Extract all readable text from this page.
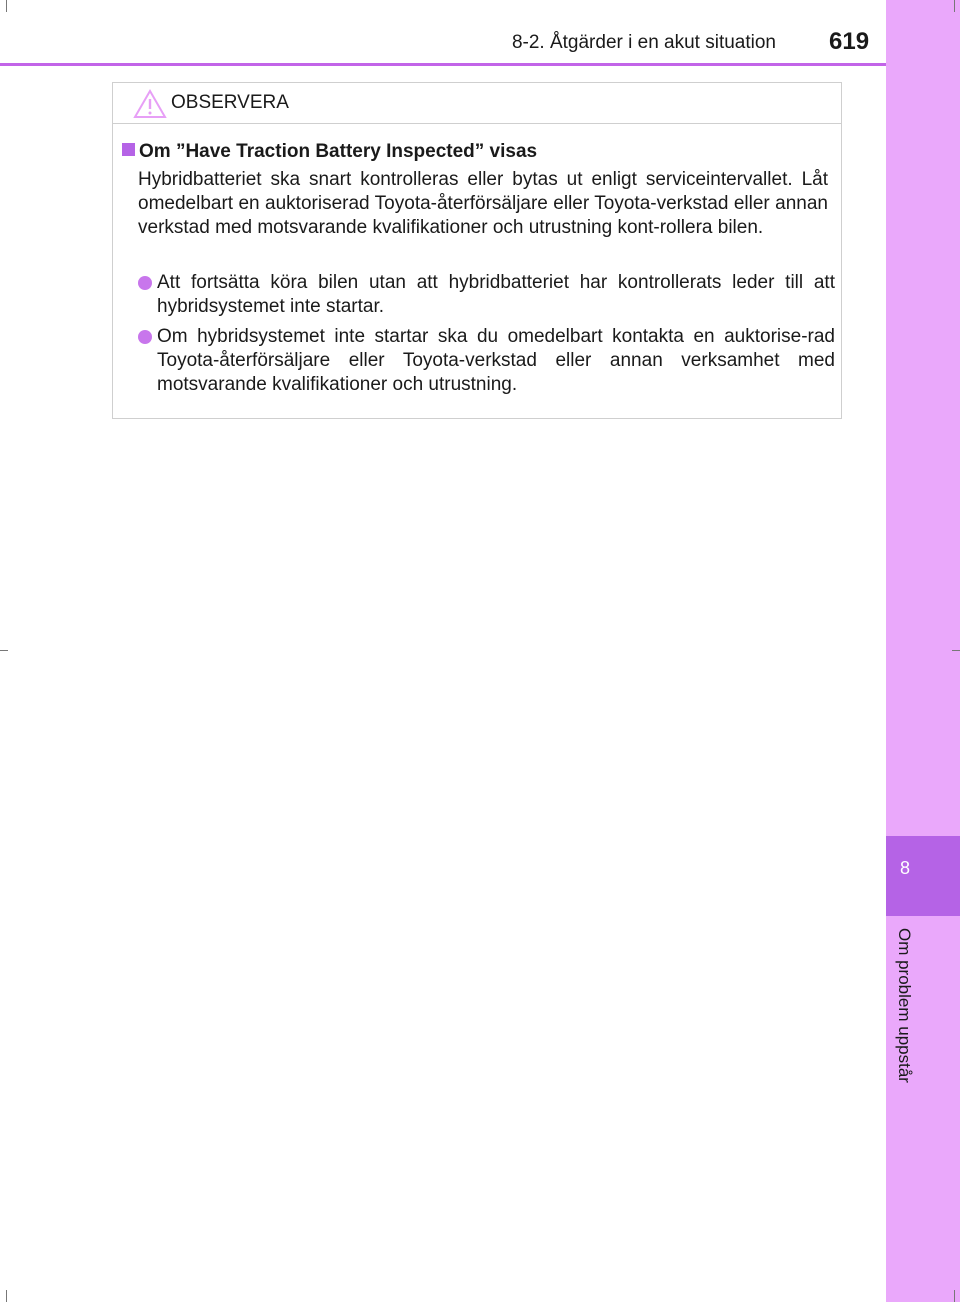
8
Om problem uppstår
8-2. Åtgärder i en akut situation 619
OBSERVERA
Om ”Have Traction Battery Inspected” visas
Hybridbatteriet ska snart kontrolleras eller bytas ut enligt serviceintervallet. Låt omedelbart en auktoriserad Toyota-återförsäljare eller Toyota-verkstad eller annan verkstad med motsvarande kvalifikationer och utrustning kont-rollera bilen.
Att fortsätta köra bilen utan att hybridbatteriet har kontrollerats leder till att hybridsystemet inte startar.
Om hybridsystemet inte startar ska du omedelbart kontakta en auktorise-rad Toyota-återförsäljare eller Toyota-verkstad eller annan verksamhet med motsvarande kvalifikationer och utrustning.
